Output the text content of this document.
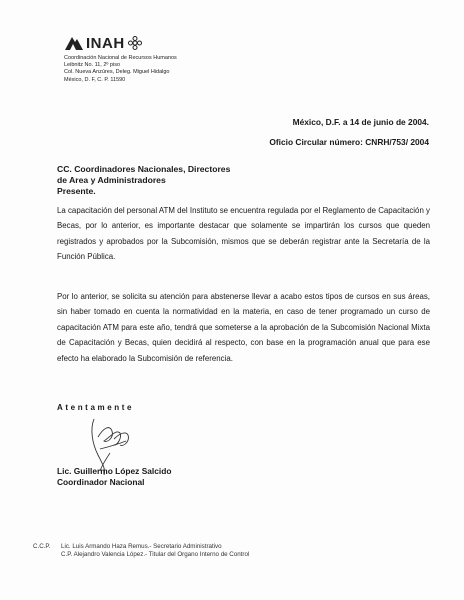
INAH
Coordinación Nacional de Recursos Humanos
Leibnitz No. 11, 2º piso
Col. Nueva Anzúres, Deleg. Miguel Hidalgo
México, D. F, C. P. 11590
México, D.F. a 14 de junio de 2004.
Oficio Circular número: CNRH/753/ 2004
CC. Coordinadores Nacionales, Directores
de Area y Administradores
Presente.

La capacitación del personal ATM del Instituto se encuentra regulada por el Reglamento de Capacitación y Becas, por lo anterior, es importante destacar que solamente se impartirán los cursos que queden registrados y aprobados por la Subcomisión, mismos que se deberán registrar ante la Secretaría de la Función Pública.

Por lo anterior, se solicita su atención para abstenerse llevar a acabo estos tipos de cursos en sus áreas, sin haber tomado en cuenta la normatividad en la materia, en caso de tener programado un curso de capacitación ATM para este año, tendrá que someterse a la aprobación de la Subcomisión Nacional Mixta de Capacitación y Becas, quien decidirá al respecto, con base en la programación anual que para ese efecto ha elaborado la Subcomisión de referencia.

Atentamente
Lic. Guillermo López Salcido
Coordinador Nacional
C.C.P.	Lic. Luis Armando Haza Remus.- Secretario Administrativo
C.P. Alejandro Valencia López.- Titular del Organo Interno de Control
